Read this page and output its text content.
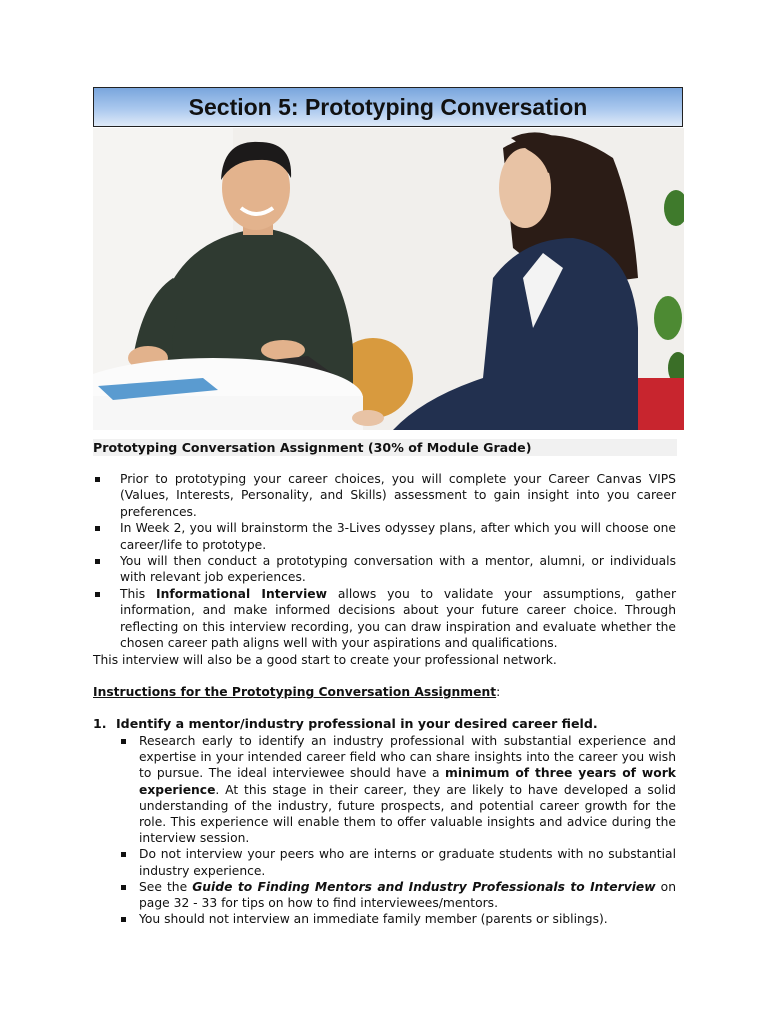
Section 5: Prototyping Conversation
Prototyping Conversation Assignment (30% of Module Grade)
Prior to prototyping your career choices, you will complete your Career Canvas VIPS (Values, Interests, Personality, and Skills) assessment to gain insight into you career preferences.
In Week 2, you will brainstorm the 3-Lives odyssey plans, after which you will choose one career/life to prototype.
You will then conduct a prototyping conversation with a mentor, alumni, or individuals with relevant job experiences.
This Informational Interview allows you to validate your assumptions, gather information, and make informed decisions about your future career choice. Through reflecting on this interview recording, you can draw inspiration and evaluate whether the chosen career path aligns well with your aspirations and qualifications.
This interview will also be a good start to create your professional network.
Instructions for the Prototyping Conversation Assignment:
1. Identify a mentor/industry professional in your desired career field.
Research early to identify an industry professional with substantial experience and expertise in your intended career field who can share insights into the career you wish to pursue. The ideal interviewee should have a minimum of three years of work experience. At this stage in their career, they are likely to have developed a solid understanding of the industry, future prospects, and potential career growth for the role. This experience will enable them to offer valuable insights and advice during the interview session.
Do not interview your peers who are interns or graduate students with no substantial industry experience.
See the Guide to Finding Mentors and Industry Professionals to Interview on page 32 - 33 for tips on how to find interviewees/mentors.
You should not interview an immediate family member (parents or siblings).
